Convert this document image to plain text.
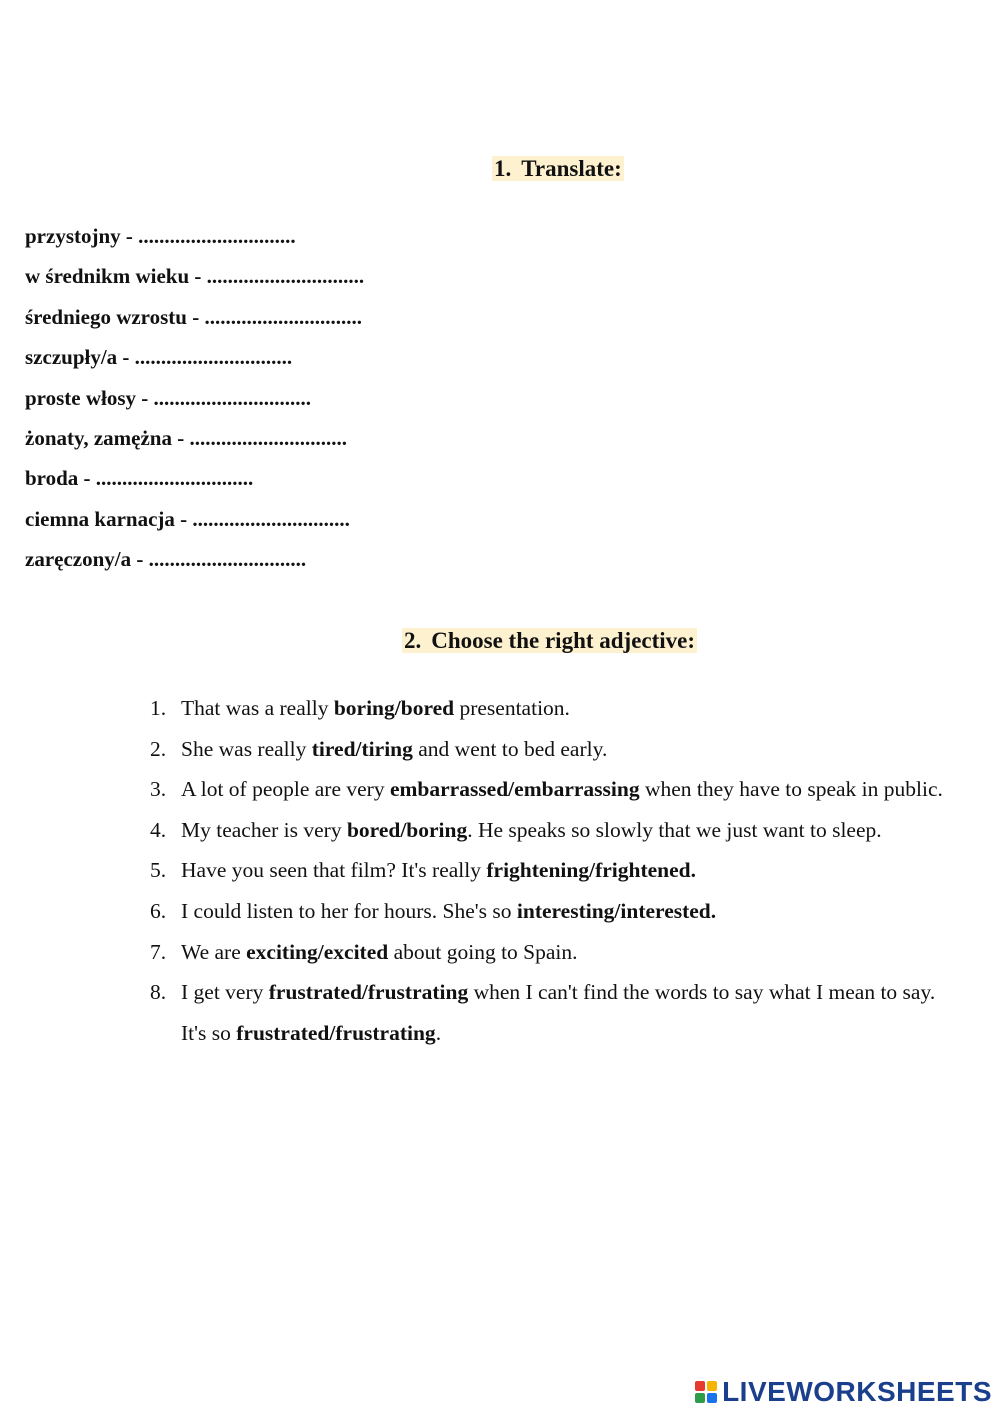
1. Translate:
przystojny - ..............................
w średnikm wieku - ..............................
średniego wzrostu - ..............................
szczupły/a - ..............................
proste włosy - ..............................
żonaty, zamężna - ..............................
broda - ..............................
ciemna karnacja - ..............................
zaręczony/a - ..............................
2. Choose the right adjective:
1. That was a really boring/bored presentation.
2. She was really tired/tiring and went to bed early.
3. A lot of people are very embarrassed/embarrassing when they have to speak in public.
4. My teacher is very bored/boring. He speaks so slowly that we just want to sleep.
5. Have you seen that film? It's really frightening/frightened.
6. I could listen to her for hours. She's so interesting/interested.
7. We are exciting/excited about going to Spain.
8. I get very frustrated/frustrating when I can't find the words to say what I mean to say. It's so frustrated/frustrating.
LIVEWORKSHEETS
